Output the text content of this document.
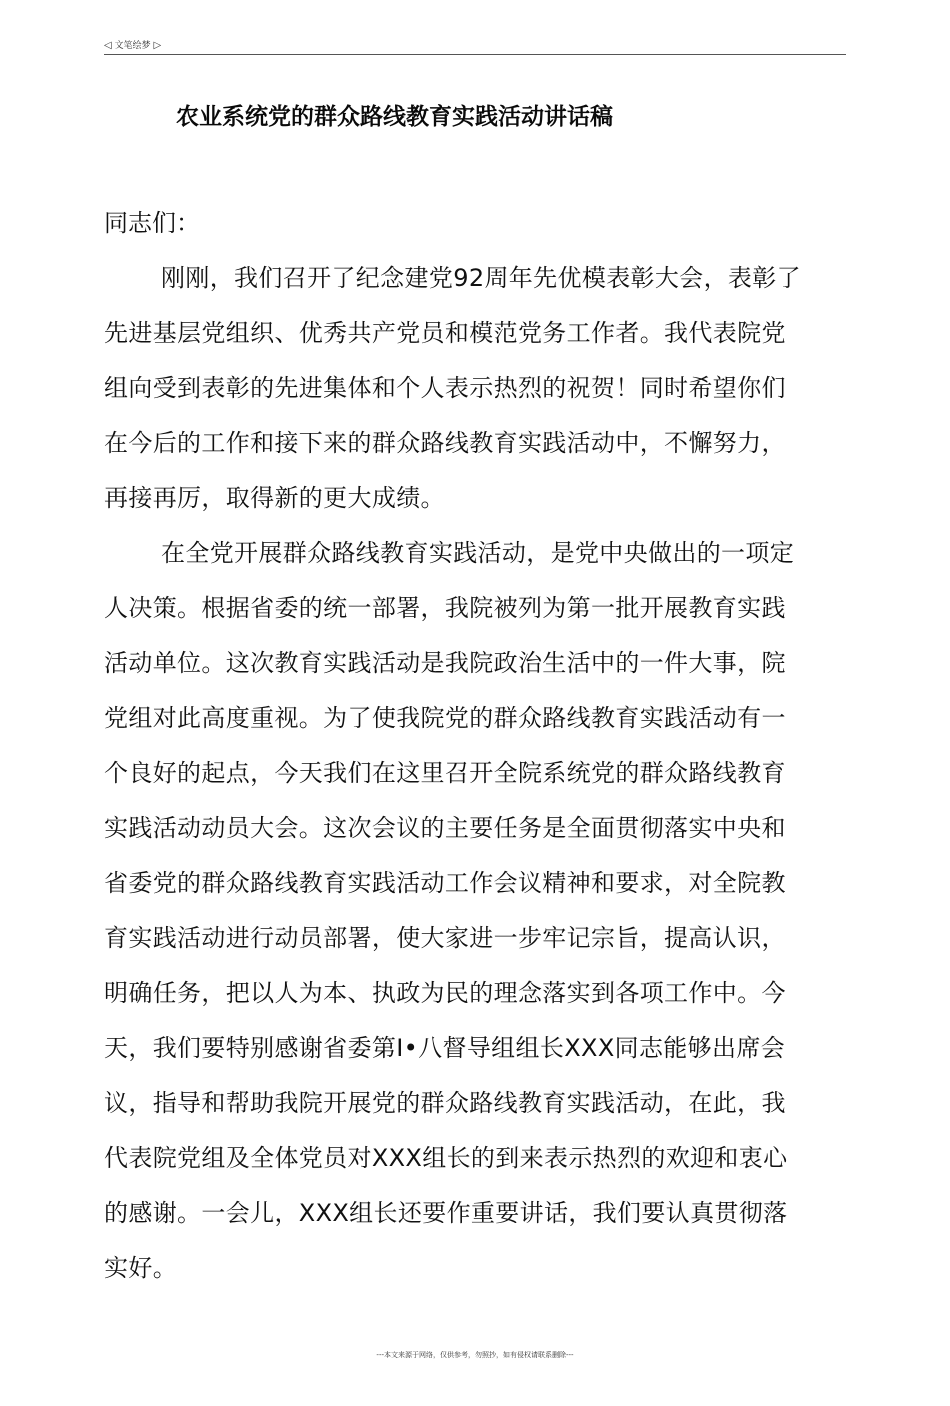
◁ 文笔绘梦 ▷
农业系统党的群众路线教育实践活动讲话稿
同志们：
刚刚，我们召开了纪念建党92周年先优模表彰大会，表彰了
先进基层党组织、优秀共产党员和模范党务工作者。我代表院党
组向受到表彰的先进集体和个人表示热烈的祝贺！同时希望你们
在今后的工作和接下来的群众路线教育实践活动中，不懈努力，
再接再厉，取得新的更大成绩。
在全党开展群众路线教育实践活动，是党中央做出的一项定
人决策。根据省委的统一部署，我院被列为第一批开展教育实践
活动单位。这次教育实践活动是我院政治生活中的一件大事，院
党组对此高度重视。为了使我院党的群众路线教育实践活动有一
个良好的起点，今天我们在这里召开全院系统党的群众路线教育
实践活动动员大会。这次会议的主要任务是全面贯彻落实中央和
省委党的群众路线教育实践活动工作会议精神和要求，对全院教
育实践活动进行动员部署，使大家进一步牢记宗旨，提高认识，
明确任务，把以人为本、执政为民的理念落实到各项工作中。今
天，我们要特别感谢省委第I•八督导组组长XXX同志能够出席会
议，指导和帮助我院开展党的群众路线教育实践活动，在此，我
代表院党组及全体党员对XXX组长的到来表示热烈的欢迎和衷心
的感谢。一会儿，XXX组长还要作重要讲话，我们要认真贯彻落
实好。
---本文来源于网络，仅供参考，勿照抄，如有侵权请联系删除---
